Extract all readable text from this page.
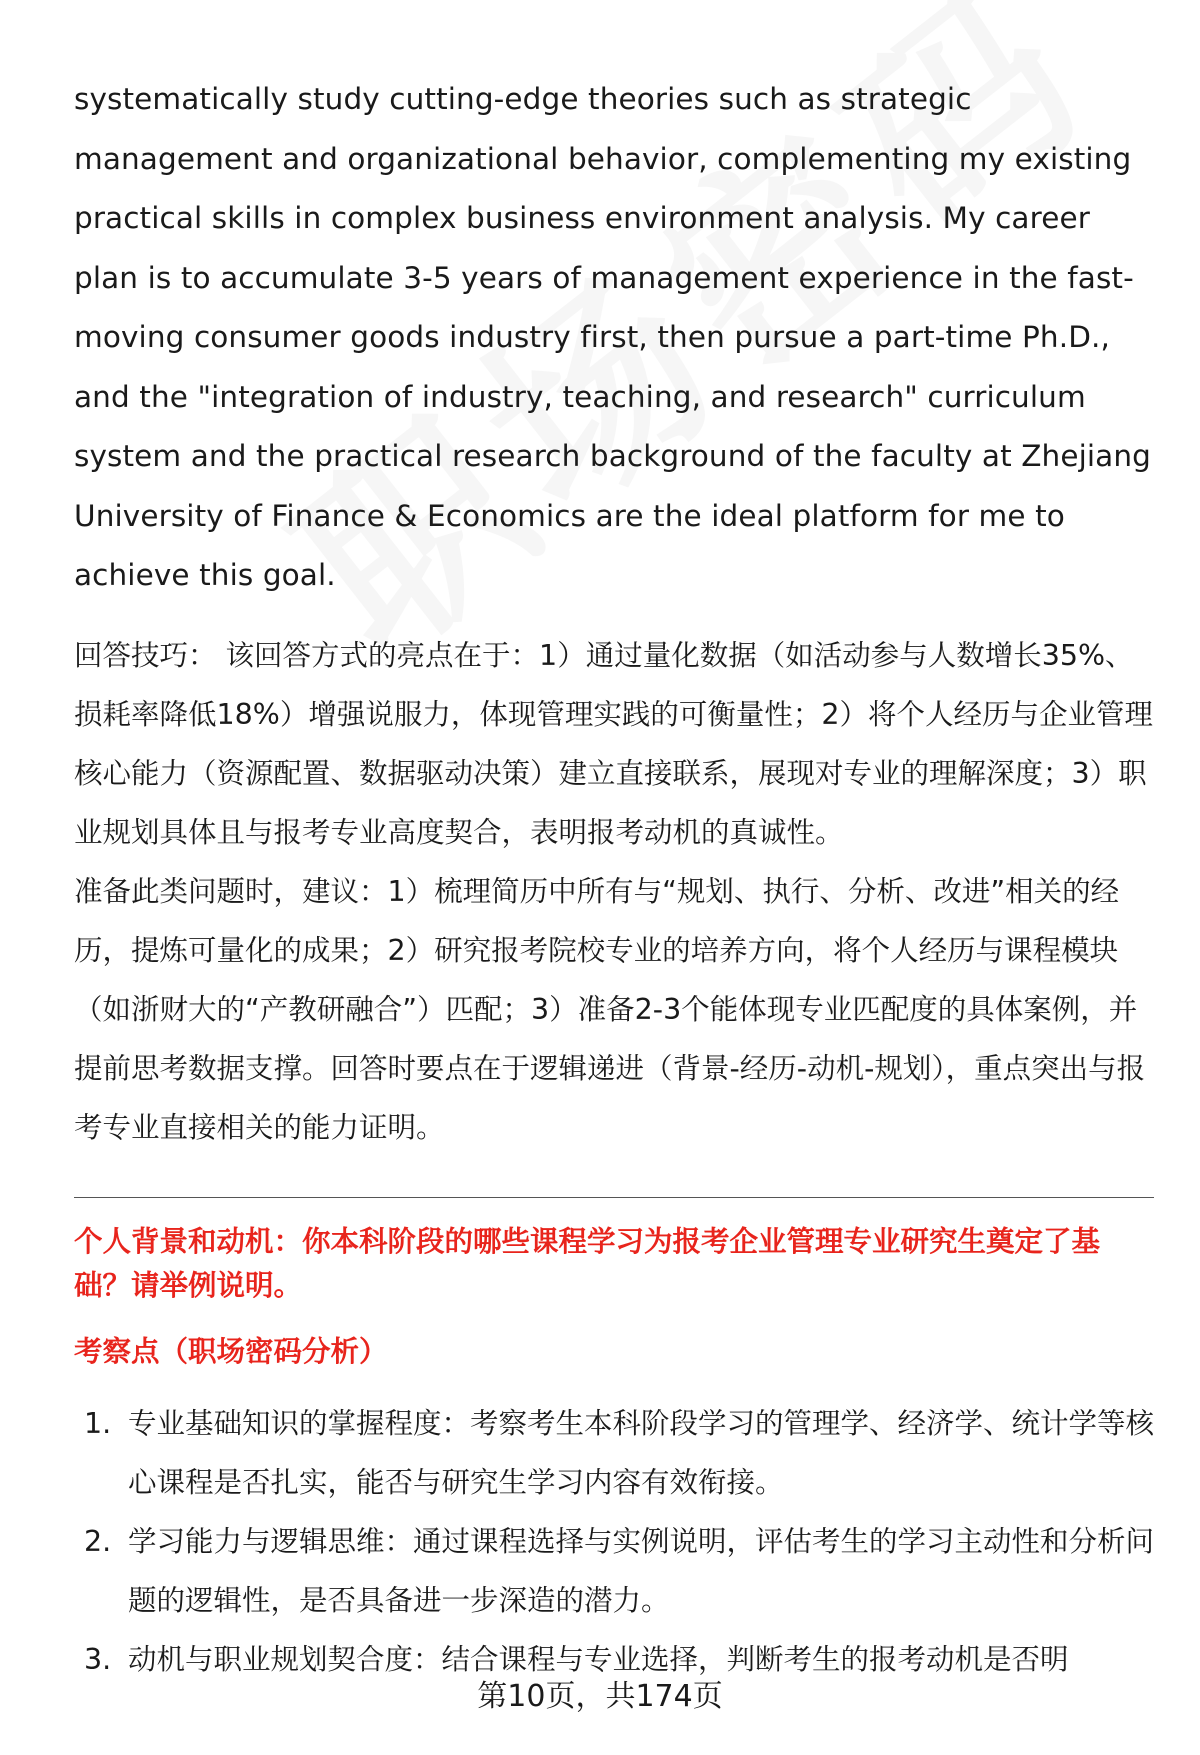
systematically study cutting-edge theories such as strategic management and organizational behavior, complementing my existing practical skills in complex business environment analysis. My career plan is to accumulate 3-5 years of management experience in the fast-moving consumer goods industry first, then pursue a part-time Ph.D., and the "integration of industry, teaching, and research" curriculum system and the practical research background of the faculty at Zhejiang University of Finance & Economics are the ideal platform for me to achieve this goal.

回答技巧： 该回答方式的亮点在于：1）通过量化数据（如活动参与人数增长35%、损耗率降低18%）增强说服力，体现管理实践的可衡量性；2）将个人经历与企业管理核心能力（资源配置、数据驱动决策）建立直接联系，展现对专业的理解深度；3）职业规划具体且与报考专业高度契合，表明报考动机的真诚性。

准备此类问题时，建议：1）梳理简历中所有与“规划、执行、分析、改进”相关的经历，提炼可量化的成果；2）研究报考院校专业的培养方向，将个人经历与课程模块（如浙财大的“产教研融合”）匹配；3）准备2-3个能体现专业匹配度的具体案例，并提前思考数据支撑。回答时要点在于逻辑递进（背景-经历-动机-规划），重点突出与报考专业直接相关的能力证明。

个人背景和动机：你本科阶段的哪些课程学习为报考企业管理专业研究生奠定了基础？请举例说明。
考察点（职场密码分析）
1. 专业基础知识的掌握程度：考察考生本科阶段学习的管理学、经济学、统计学等核心课程是否扎实，能否与研究生学习内容有效衔接。
2. 学习能力与逻辑思维：通过课程选择与实例说明，评估考生的学习主动性和分析问题的逻辑性，是否具备进一步深造的潜力。
3. 动机与职业规划契合度：结合课程与专业选择，判断考生的报考动机是否明
第10页，共174页
